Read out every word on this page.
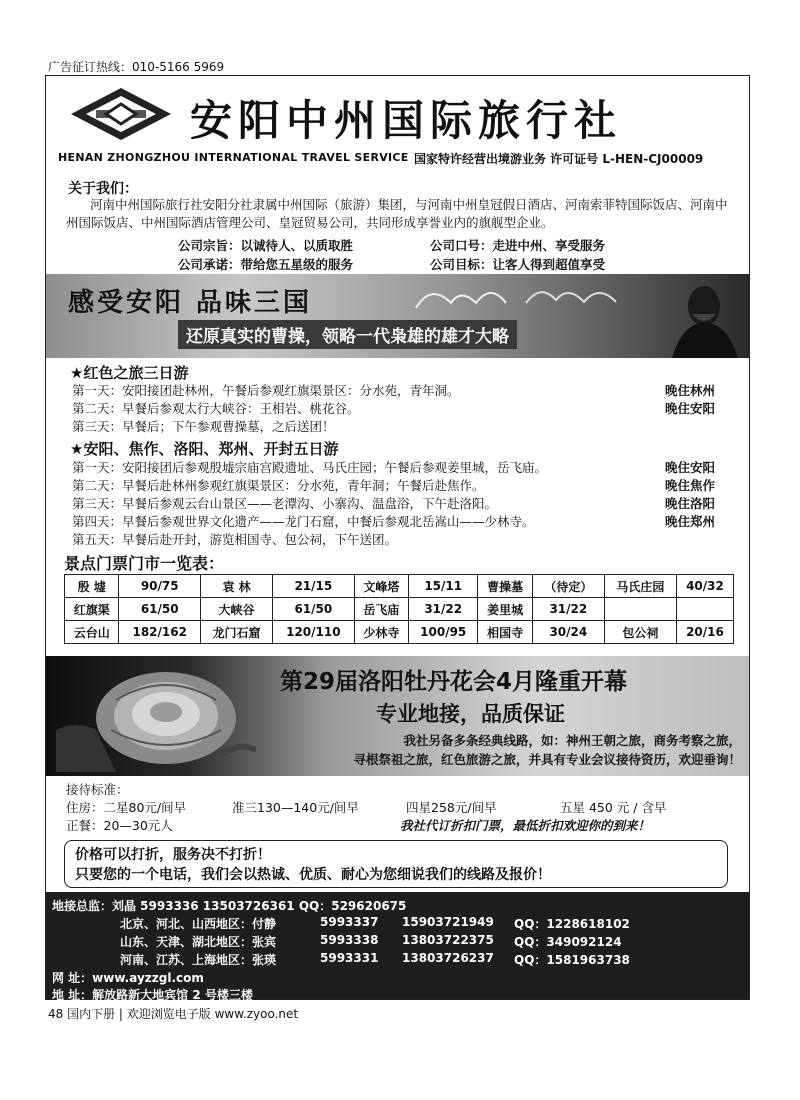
广告征订热线：010-5166 5969
安阳中州国际旅行社
HENAN ZHONGZHOU INTERNATIONAL TRAVEL SERVICE 国家特许经营出境游业务 许可证号 L-HEN-CJ00009
关于我们：
河南中州国际旅行社安阳分社隶属中州国际（旅游）集团，与河南中州皇冠假日酒店、河南索菲特国际饭店、河南中州国际饭店、中州国际酒店管理公司、皇冠贸易公司，共同形成享誉业内的旗舰型企业。
公司宗旨：以诚待人、以质取胜	公司口号：走进中州、享受服务
公司承诺：带给您五星级的服务	公司目标：让客人得到超值享受
感受安阳 品味三国
还原真实的曹操，领略一代枭雄的雄才大略
★红色之旅三日游
第一天：安阳接团赴林州，午餐后参观红旗渠景区：分水苑，青年洞。	晚住林州
第二天：早餐后参观太行大峡谷：王相岩、桃花谷。	晚住安阳
第三天：早餐后；下午参观曹操墓，之后送团！
★安阳、焦作、洛阳、郑州、开封五日游
第一天：安阳接团后参观殷墟宗庙宫殿遗址、马氏庄园；午餐后参观姜里城，岳飞庙。	晚住安阳
第二天：早餐后赴林州参观红旗渠景区：分水苑，青年洞；午餐后赴焦作。	晚住焦作
第三天：早餐后参观云台山景区——老潭沟、小寨沟、温盘浴，下午赴洛阳。	晚住洛阳
第四天：早餐后参观世界文化遗产——龙门石窟，中餐后参观北岳嵩山——少林寺。	晚住郑州
第五天：早餐后赴开封，游览相国寺、包公祠，下午送团。
景点门票门市一览表：
殷 墟	90/75	袁 林	21/15	文峰塔	15/11	曹操墓	（待定）	马氏庄园	40/32
红旗渠	61/50	大峡谷	61/50	岳飞庙	31/22	姜里城	31/22		
云台山	182/162	龙门石窟	120/110	少林寺	100/95	相国寺	30/24	包公祠	20/16
第29届洛阳牡丹花会4月隆重开幕
专业地接，品质保证
我社另备多条经典线路，如：神州王朝之旅，商务考察之旅，
寻根祭祖之旅，红色旅游之旅，并具有专业会议接待资历，欢迎垂询！
接待标准：
住房：二星80元/间早	准三130—140元/间早	四星258元/间早	五星 450 元 / 含早
正餐：20—30元人	我社代订折扣门票，最低折扣欢迎你的到来！
价格可以打折，服务决不打折！
只要您的一个电话，我们会以热诚、优质、耐心为您细说我们的线路及报价！
地接总监：刘晶 5993336 13503726361 QQ：529620675
北京、河北、山西地区：付静	5993337 15903721949 QQ：1228618102
山东、天津、湖北地区：张宾	5993338 13803722375 QQ：349092124
河南、江苏、上海地区：张瑛	5993331 13803726237 QQ：1581963738
网 址：www.ayzzgl.com
地 址：解放路新大地宾馆 2 号楼三楼
48 国内下册 | 欢迎浏览电子版 www.zyoo.net
